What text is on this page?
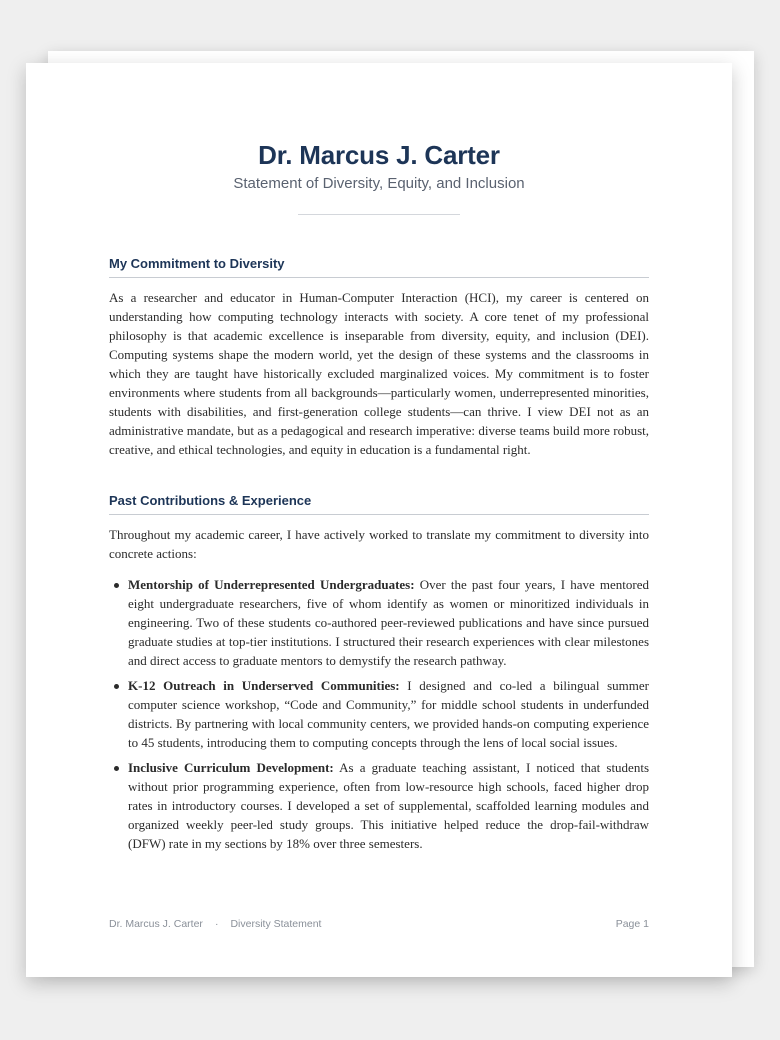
Dr. Marcus J. Carter
Statement of Diversity, Equity, and Inclusion
My Commitment to Diversity

As a researcher and educator in Human-Computer Interaction (HCI), my career is centered on understanding how computing technology interacts with society. A core tenet of my professional philosophy is that academic excellence is inseparable from diversity, equity, and inclusion (DEI). Computing systems shape the modern world, yet the design of these systems and the classrooms in which they are taught have historically excluded marginalized voices. My commitment is to foster environments where students from all backgrounds—particularly women, underrepresented minorities, students with disabilities, and first-generation college students—can thrive. I view DEI not as an administrative mandate, but as a pedagogical and research imperative: diverse teams build more robust, creative, and ethical technologies, and equity in education is a fundamental right.

Past Contributions & Experience

Throughout my academic career, I have actively worked to translate my commitment to diversity into concrete actions:

Mentorship of Underrepresented Undergraduates: Over the past four years, I have mentored eight undergraduate researchers, five of whom identify as women or minoritized individuals in engineering. Two of these students co-authored peer-reviewed publications and have since pursued graduate studies at top-tier institutions. I structured their research experiences with clear milestones and direct access to graduate mentors to demystify the research pathway.
K-12 Outreach in Underserved Communities: I designed and co-led a bilingual summer computer science workshop, “Code and Community,” for middle school students in underfunded districts. By partnering with local community centers, we provided hands-on computing experience to 45 students, introducing them to computing concepts through the lens of local social issues.
Inclusive Curriculum Development: As a graduate teaching assistant, I noticed that students without prior programming experience, often from low-resource high schools, faced higher drop rates in introductory courses. I developed a set of supplemental, scaffolded learning modules and organized weekly peer-led study groups. This initiative helped reduce the drop-fail-withdraw (DFW) rate in my sections by 18% over three semesters.
Dr. Marcus J. Carter · Diversity Statement	Page 1
